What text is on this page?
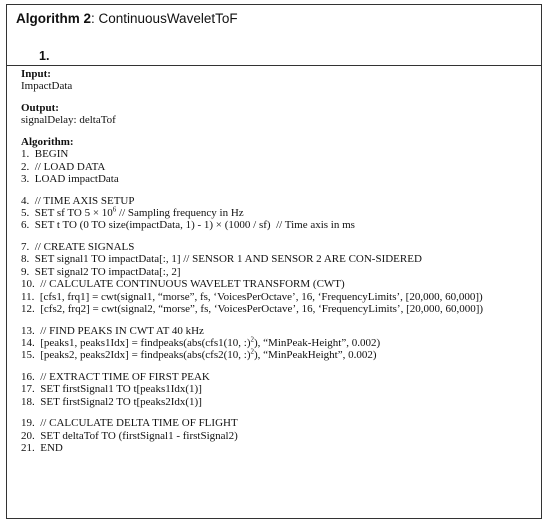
Algorithm 2: ContinuousWaveletToF
1.
Input:
ImpactData
Output:
signalDelay: deltaTof
Algorithm:
1.  BEGIN
2.  // LOAD DATA
3.  LOAD impactData
4.  // TIME AXIS SETUP
5.  SET sf TO $5 \times 10^6$ // Sampling frequency in Hz
6.  SET t TO (0 TO size(impactData, 1) - 1) × (1000 / sf)  // Time axis in ms
7.  // CREATE SIGNALS
8.  SET signal1 TO impactData[:, 1] // SENSOR 1 AND SENSOR 2 ARE CON-SIDERED
9.  SET signal2 TO impactData[:, 2]
10.  // CALCULATE CONTINUOUS WAVELET TRANSFORM (CWT)
11.  [cfs1, frq1] = cwt(signal1, “morse”, fs, ‘VoicesPerOctave’, 16, ‘FrequencyLimits’, [20,000, 60,000])
12.  [cfs2, frq2] = cwt(signal2, “morse”, fs, ‘VoicesPerOctave’, 16, ‘FrequencyLimits’, [20,000, 60,000])
13.  // FIND PEAKS IN CWT AT 40 kHz
14.  [peaks1, peaks1Idx] = findpeaks(abs(cfs1(10, :)$^2$), “MinPeak-Height”, 0.002)
15.  [peaks2, peaks2Idx] = findpeaks(abs(cfs2(10, :)$^2$), “MinPeakHeight”, 0.002)
16.  // EXTRACT TIME OF FIRST PEAK
17.  SET firstSignal1 TO t[peaks1Idx(1)]
18.  SET firstSignal2 TO t[peaks2Idx(1)]
19.  // CALCULATE DELTA TIME OF FLIGHT
20.  SET deltaTof TO (firstSignal1 - firstSignal2)
21.  END
